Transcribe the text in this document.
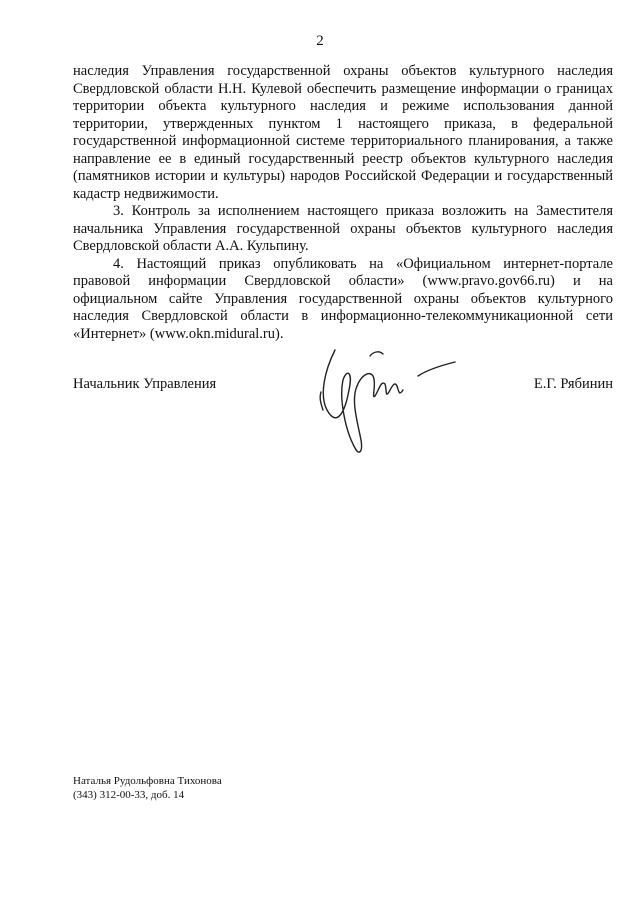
2

наследия Управления государственной охраны объектов культурного наследия Свердловской области Н.Н. Кулевой обеспечить размещение информации о границах территории объекта культурного наследия и режиме использования данной территории, утвержденных пунктом 1 настоящего приказа, в федеральной государственной информационной системе территориального планирования, а также направление ее в единый государственный реестр объектов культурного наследия (памятников истории и культуры) народов Российской Федерации и государственный кадастр недвижимости.

3. Контроль за исполнением настоящего приказа возложить на Заместителя начальника Управления государственной охраны объектов культурного наследия Свердловской области А.А. Кульпину.

4. Настоящий приказ опубликовать на «Официальном интернет-портале правовой информации Свердловской области» (www.pravo.gov66.ru) и на официальном сайте Управления государственной охраны объектов культурного наследия Свердловской области в информационно-телекоммуникационной сети «Интернет» (www.okn.midural.ru).

Начальник Управления	Е.Г. Рябинин
Наталья Рудольфовна Тихонова
(343) 312-00-33, доб. 14
